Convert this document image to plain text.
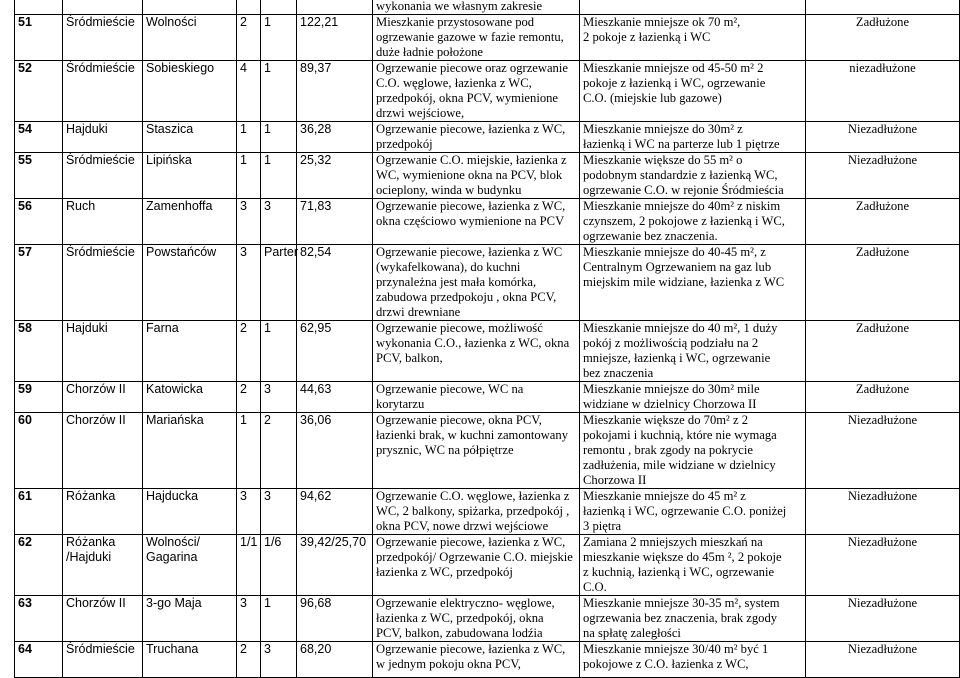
						wykonania we własnym zakresie		
51	Śródmieście	Wolności	2	1	122,21	Mieszkanie przystosowane pod
ogrzewanie gazowe w fazie remontu,
duże ładnie położone	Mieszkanie mniejsze ok 70 m²,
2 pokoje z łazienką i WC	Zadłużone
52	Śródmieście	Sobieskiego	4	1	89,37	Ogrzewanie piecowe oraz ogrzewanie
C.O. węglowe, łazienka z WC,
przedpokój, okna PCV, wymienione
drzwi wejściowe,	Mieszkanie mniejsze od 45-50 m² 2
pokoje z łazienką i WC, ogrzewanie
C.O. (miejskie lub gazowe)	niezadłużone
54	Hajduki	Staszica	1	1	36,28	Ogrzewanie piecowe, łazienka z WC,
przedpokój	Mieszkanie mniejsze do 30m² z
łazienką i WC na parterze lub 1 piętrze	Niezadłużone
55	Śródmieście	Lipińska	1	1	25,32	Ogrzewanie C.O. miejskie, łazienka z
WC, wymienione okna na PCV, blok
ocieplony, winda w budynku	Mieszkanie większe do 55 m² o
podobnym standardzie z łazienką WC,
ogrzewanie C.O. w rejonie Śródmieścia	Niezadłużone
56	Ruch	Zamenhoffa	3	3	71,83	Ogrzewanie piecowe, łazienka z WC,
okna częściowo wymienione na PCV	Mieszkanie mniejsze do 40m² z niskim
czynszem, 2 pokojowe z łazienką i WC,
ogrzewanie bez znaczenia.	Zadłużone
57	Śródmieście	Powstańców	3	Parter	82,54	Ogrzewanie piecowe, łazienka z WC
(wykafelkowana), do kuchni
przynależna jest mała komórka,
zabudowa przedpokoju , okna PCV,
drzwi drewniane	Mieszkanie mniejsze do 40-45 m², z
Centralnym Ogrzewaniem na gaz lub
miejskim mile widziane, łazienka z WC	Zadłużone
58	Hajduki	Farna	2	1	62,95	Ogrzewanie piecowe, możliwość
wykonania C.O., łazienka z WC, okna
PCV, balkon,	Mieszkanie mniejsze do 40 m², 1 duży
pokój z możliwością podziału na 2
mniejsze, łazienką i WC, ogrzewanie
bez znaczenia	Zadłużone
59	Chorzów II	Katowicka	2	3	44,63	Ogrzewanie piecowe, WC na
korytarzu	Mieszkanie mniejsze do 30m² mile
widziane w dzielnicy Chorzowa II	Zadłużone
60	Chorzów II	Mariańska	1	2	36,06	Ogrzewanie piecowe, okna PCV,
łazienki brak, w kuchni zamontowany
prysznic, WC na półpiętrze	Mieszkanie większe do 70m² z 2
pokojami i kuchnią, które nie wymaga
remontu , brak zgody na pokrycie
zadłużenia, mile widziane w dzielnicy
Chorzowa II	Niezadłużone
61	Różanka	Hajducka	3	3	94,62	Ogrzewanie C.O. węglowe, łazienka z
WC, 2 balkony, spiżarka, przedpokój ,
okna PCV, nowe drzwi wejściowe	Mieszkanie mniejsze do 45 m² z
łazienką i WC, ogrzewanie C.O. poniżej
3 piętra	Niezadłużone
62	Różanka
/Hajduki	Wolności/
Gagarina	1/1	1/6	39,42/25,70	Ogrzewanie piecowe, łazienka z WC,
przedpokój/ Ogrzewanie C.O. miejskie
łazienka z WC, przedpokój	Zamiana 2 mniejszych mieszkań na
mieszkanie większe do 45m ², 2 pokoje
z kuchnią, łazienką i WC, ogrzewanie
C.O.	Niezadłużone
63	Chorzów II	3-go Maja	3	1	96,68	Ogrzewanie elektryczno- węglowe,
łazienka z WC, przedpokój, okna
PCV, balkon, zabudowana lodźia	Mieszkanie mniejsze 30-35 m², system
ogrzewania bez znaczenia, brak zgody
na spłatę zaległości	Niezadłużone
64	Śródmieście	Truchana	2	3	68,20	Ogrzewanie piecowe, łazienka z WC,
w jednym pokoju okna PCV,	Mieszkanie mniejsze 30/40 m² być 1
pokojowe z C.O. łazienka z WC,	Niezadłużone
